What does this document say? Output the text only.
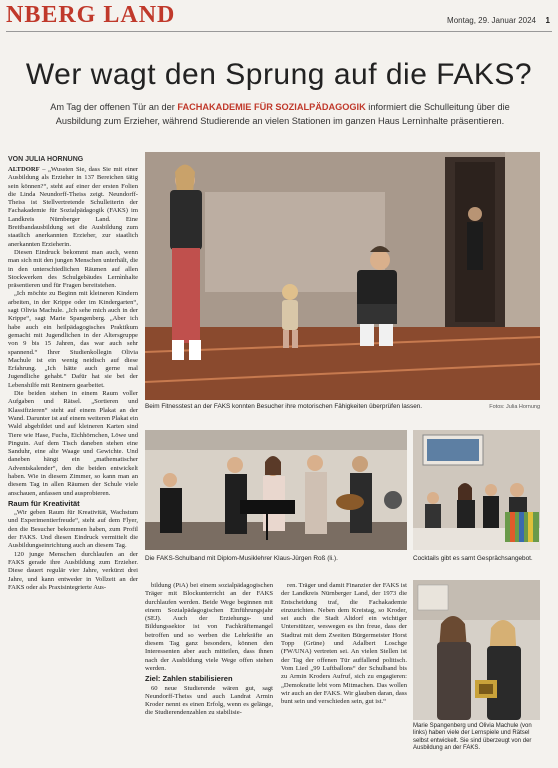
NBERG LAND	Montag, 29. Januar 2024 1
Wer wagt den Sprung auf die FAKS?
Am Tag der offenen Tür an der FACHAKADEMIE FÜR SOZIALPÄDAGOGIK informiert die Schulleitung über die Ausbildung zum Erzieher, während Studierende an vielen Stationen im ganzen Haus Lernìnhalte präsentieren.
VON JULIA HORNUNG

ALTDORF – „Wussten Sie, dass Sie mit einer Ausbildung als Erzieher in 137 Bereichen tätig sein können?“, steht auf einer der ersten Folien die Linda Neundorff-Theiss zeigt. Neundorff-Theiss ist Stellvertretende Schulleiterin der Fachakademie für Sozialpädagogik (FAKS) im Landkreis Nürnberger Land. Eine Breitbandausbildung sei die Ausbildung zum staatlich anerkannten Erzieher, zur staatlich anerkannten Erzieherin.

Diesen Eindruck bekommt man auch, wenn man sich mit den jungen Menschen unterhält, die in den unterschiedlichen Räumen auf allen Stockwerken des Schulgebäudes Lernìnhalte präsentieren und für Fragen bereitstehen.

„Ich möchte zu Beginn mit kleineren Kindern arbeiten, in der Krippe oder im Kindergarten“, sagt Olivia Machule. „Ich sehe mich auch in der Krippe“, sagt Marie Spangenberg. „Aber ich habe auch ein heilpädagogisches Praktikum gemacht mit Jugendlichen in der Altersgruppe von 9 bis 15 Jahren, das war auch sehr spannend.“ Ihrer Studienkollegin Olivia Machule ist ein wenig neidisch auf diese Erfahrung. „Ich hätte auch gerne mal Jugendliche gehabt.“ Dafür hat sie bei der Lebenshilfe mit Rentnern gearbeitet.

Die beiden stehen in einem Raum voller Aufgaben und Rätsel. „Sortieren und Klassifizieren“ steht auf einem Plakat an der Wand. Darunter ist auf einem weiteren Plakat ein Wald abgebildet und auf kleineren Karten sind Tiere wie Hase, Fuchs, Eichhörnchen, Löwe und Pinguin. Auf dem Tisch daneben stehen eine Sanduhr, eine alte Waage und Gewichte. Und daneben hängt ein „mathematischer Adventskalender“, den die beiden entwickelt haben. Wie in diesem Zimmer, so kann man an diesem Tag in allen Räumen der Schule viele anschauen, anfassen und ausprobieren.

Raum für Kreativität

„Wir geben Raum für Kreativität, Wachstum und Experimentierfreude“, steht auf dem Flyer, den die Besucher bekommen haben, zum Profil der FAKS. Und diesen Eindruck vermittelt die Ausbildungseinrichtung auch an diesem Tag.

120 junge Menschen durchlaufen an der FAKS gerade ihre Ausbildung zum Erzieher. Diese dauert regulär vier Jahre, verkürzt drei Jahre, und kann entweder in Vollzeit an der FAKS oder als Praxisintegrierte Aus-

Beim Fitnesstest an der FAKS konnten Besucher ihre motorischen Fähigkeiten überprüfen lassen.	Fotos: Julia Hornung
Die FAKS-Schulband mit Diplom-Musiklehrer Klaus-Jürgen Roß (li.).	Cocktails gibt es samt Gesprächsangebot.

bildung (PiA) bei einem sozialpädagogischen Träger mit Blockunterricht an der FAKS durchlaufen werden. Beide Wege beginnen mit einem Sozialpädagogischen Einführungsjahr (SEJ). Auch der Erziehungs- und Bildungssektor ist von Fachkräftemangel betroffen und so werben die Lehrkräfte an diesem Tag ganz besonders, können den Interessenten aber auch mitteilen, dass ihnen nach der Ausbildung viele Wege offen stehen werden.

Ziel: Zahlen stabilisieren

60 neue Studierende wären gut, sagt Neundorff-Theiss und auch Landrat Armin Kroder nennt es einen Erfolg, wenn es gelänge, die Studierendenzahlen zu stabilisie-

ren. Träger und damit Finanzier der FAKS ist der Landkreis Nürnberger Land, der 1973 die Entscheidung traf, die Fachakademie einzurichten. Neben dem Kreistag, so Kroder, sei auch die Stadt Altdorf ein wichtiger Unterstützer, weswegen es ihn freue, dass der Stadtrat mit dem Zweiten Bürgermeister Horst Topp (Grüne) und Adalbert Loschge (FW/UNA) vertreten sei. An vielen Stellen ist der Tag der offenen Tür auffallend politisch. Vom Lied „99 Luftballons“ der Schulband bis zu Armin Kroders Aufruf, sich zu engagieren: „Demokratie lebt vom Mitmachen. Das wollen wir auch an der FAKS. Wir glauben daran, dass bunt sein und verschieden sein, gut ist.“

Marie Spangenberg und Olivia Machule (von links) haben viele der Lernspiele und Rätsel selbst entwickelt. Sie sind überzeugt von der Ausbildung an der FAKS.
